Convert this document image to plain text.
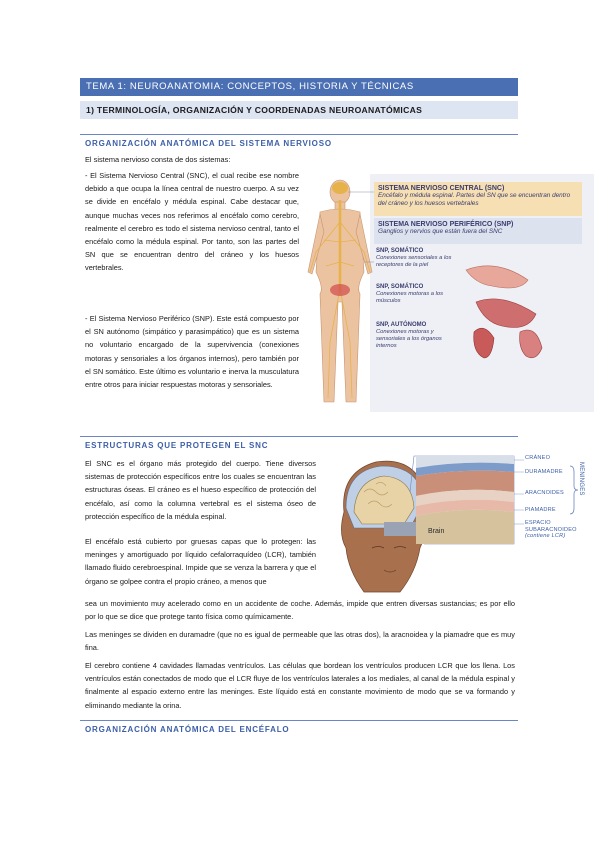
TEMA 1: NEUROANATOMIA: CONCEPTOS, HISTORIA Y TÉCNICAS
1) TERMINOLOGÍA, ORGANIZACIÓN Y COORDENADAS NEUROANATÓMICAS
ORGANIZACIÓN ANATÓMICA DEL SISTEMA NERVIOSO

El sistema nervioso consta de dos sistemas:

- El Sistema Nervioso Central (SNC), el cual recibe ese nombre debido a que ocupa la línea central de nuestro cuerpo. A su vez se divide en encéfalo y médula espinal. Cabe destacar que, aunque muchas veces nos referimos al encéfalo como cerebro, realmente el cerebro es todo el sistema nervioso central, tanto el encéfalo como la médula espinal. Por tanto, son las partes del SN que se encuentran dentro del cráneo y los huesos vertebrales.

- El Sistema Nervioso Periférico (SNP). Este está compuesto por el SN autónomo (simpático y parasimpático) que es un sistema no voluntario encargado de la supervivencia (conexiones motoras y sensoriales a los órganos internos), pero también por el SN somático. Este último es voluntario e inerva la musculatura entre otros para iniciar respuestas motoras y sensoriales.

SISTEMA NERVIOSO CENTRAL (SNC)
Encéfalo y médula espinal. Partes del SN que se encuentran dentro del cráneo y los huesos vertebrales
SISTEMA NERVIOSO PERIFÉRICO (SNP)
Ganglios y nervios que están fuera del SNC
SNP, SOMÁTICO
Conexiones sensoriales a los receptores de la piel
SNP, SOMÁTICO
Conexiones motoras a los músculos
SNP, AUTÓNOMO
Conexiones motoras y sensoriales a los órganos internos
ESTRUCTURAS QUE PROTEGEN EL SNC

El SNC es el órgano más protegido del cuerpo. Tiene diversos sistemas de protección específicos entre los cuales se encuentran las estructuras óseas. El cráneo es el hueso específico de protección del encéfalo, así como la columna vertebral es el sistema óseo de protección específico de la médula espinal.

El encéfalo está cubierto por gruesas capas que lo protegen: las meninges y amortiguado por líquido cefalorraquídeo (LCR), también llamado fluido cerebroespinal. Impide que se venza la barrera y que el órgano se golpee contra el propio cráneo, a menos que

sea un movimiento muy acelerado como en un accidente de coche. Además, impide que entren diversas sustancias; es por ello por lo que se dice que protege tanto física como químicamente.

Las meninges se dividen en duramadre (que no es igual de permeable que las otras dos), la aracnoidea y la piamadre que es muy fina.

El cerebro contiene 4 cavidades llamadas ventrículos. Las células que bordean los ventrículos producen LCR que los llena. Los ventrículos están conectados de modo que el LCR fluye de los ventrículos laterales a los mediales, al canal de la médula espinal y finalmente al espacio externo entre las meninges. Este líquido está en constante movimiento de modo que se va formando y eliminando mediante la orina.

CRÁNEO
DURAMADRE
ARACNOIDES
PIAMADRE
ESPACIO
SUBARACNOIDEO
(contiene LCR)
MENINGES
Brain
ORGANIZACIÓN ANATÓMICA DEL ENCÉFALO
